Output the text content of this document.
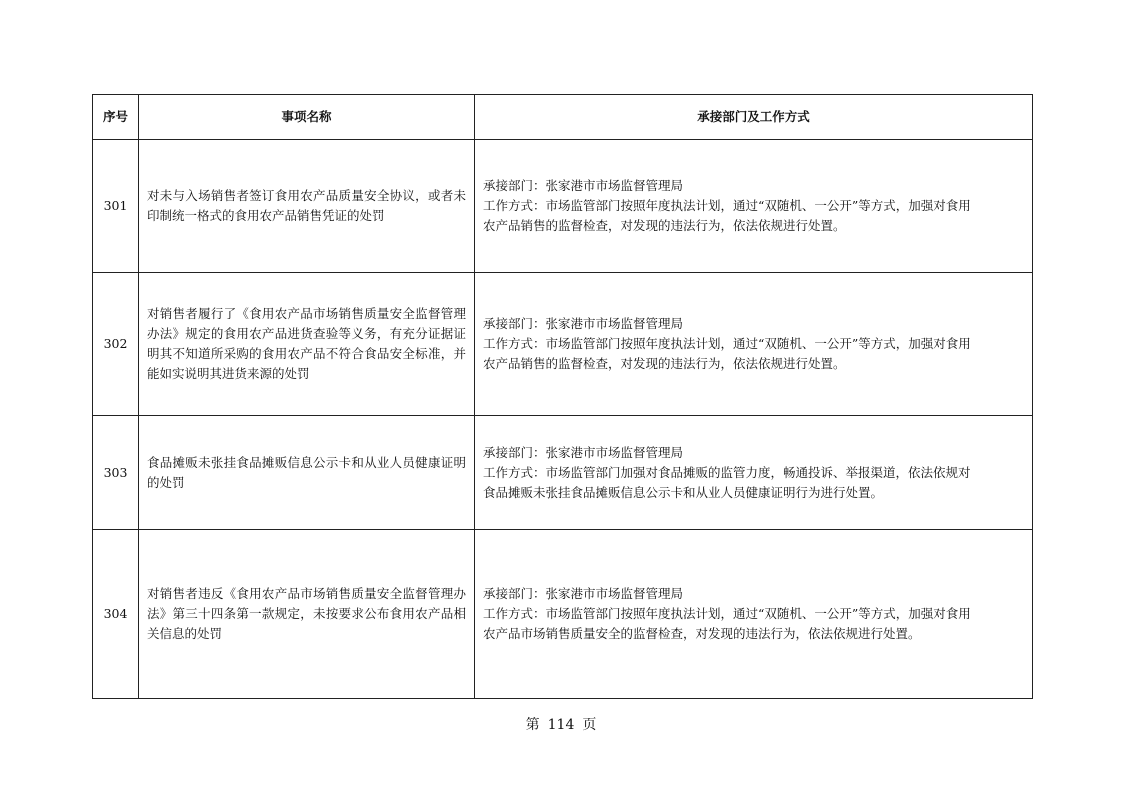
序号	事项名称	承接部门及工作方式
301	对未与入场销售者签订食用农产品质量安全协议，或者未印制统一格式的食用农产品销售凭证的处罚	承接部门：张家港市市场监督管理局
工作方式：市场监管部门按照年度执法计划，通过“双随机、一公开”等方式，加强对食用
农产品销售的监督检查，对发现的违法行为，依法依规进行处置。

302	对销售者履行了《食用农产品市场销售质量安全监督管理办法》规定的食用农产品进货查验等义务，有充分证据证明其不知道所采购的食用农产品不符合食品安全标准，并能如实说明其进货来源的处罚	承接部门：张家港市市场监督管理局
工作方式：市场监管部门按照年度执法计划，通过“双随机、一公开”等方式，加强对食用
农产品销售的监督检查，对发现的违法行为，依法依规进行处置。

303	食品摊贩未张挂食品摊贩信息公示卡和从业人员健康证明的处罚	承接部门：张家港市市场监督管理局
工作方式：市场监管部门加强对食品摊贩的监管力度，畅通投诉、举报渠道，依法依规对
食品摊贩未张挂食品摊贩信息公示卡和从业人员健康证明行为进行处置。

304	对销售者违反《食用农产品市场销售质量安全监督管理办法》第三十四条第一款规定，未按要求公布食用农产品相关信息的处罚	承接部门：张家港市市场监督管理局
工作方式：市场监管部门按照年度执法计划，通过“双随机、一公开”等方式，加强对食用
农产品市场销售质量安全的监督检查，对发现的违法行为，依法依规进行处置。
第 114 页
